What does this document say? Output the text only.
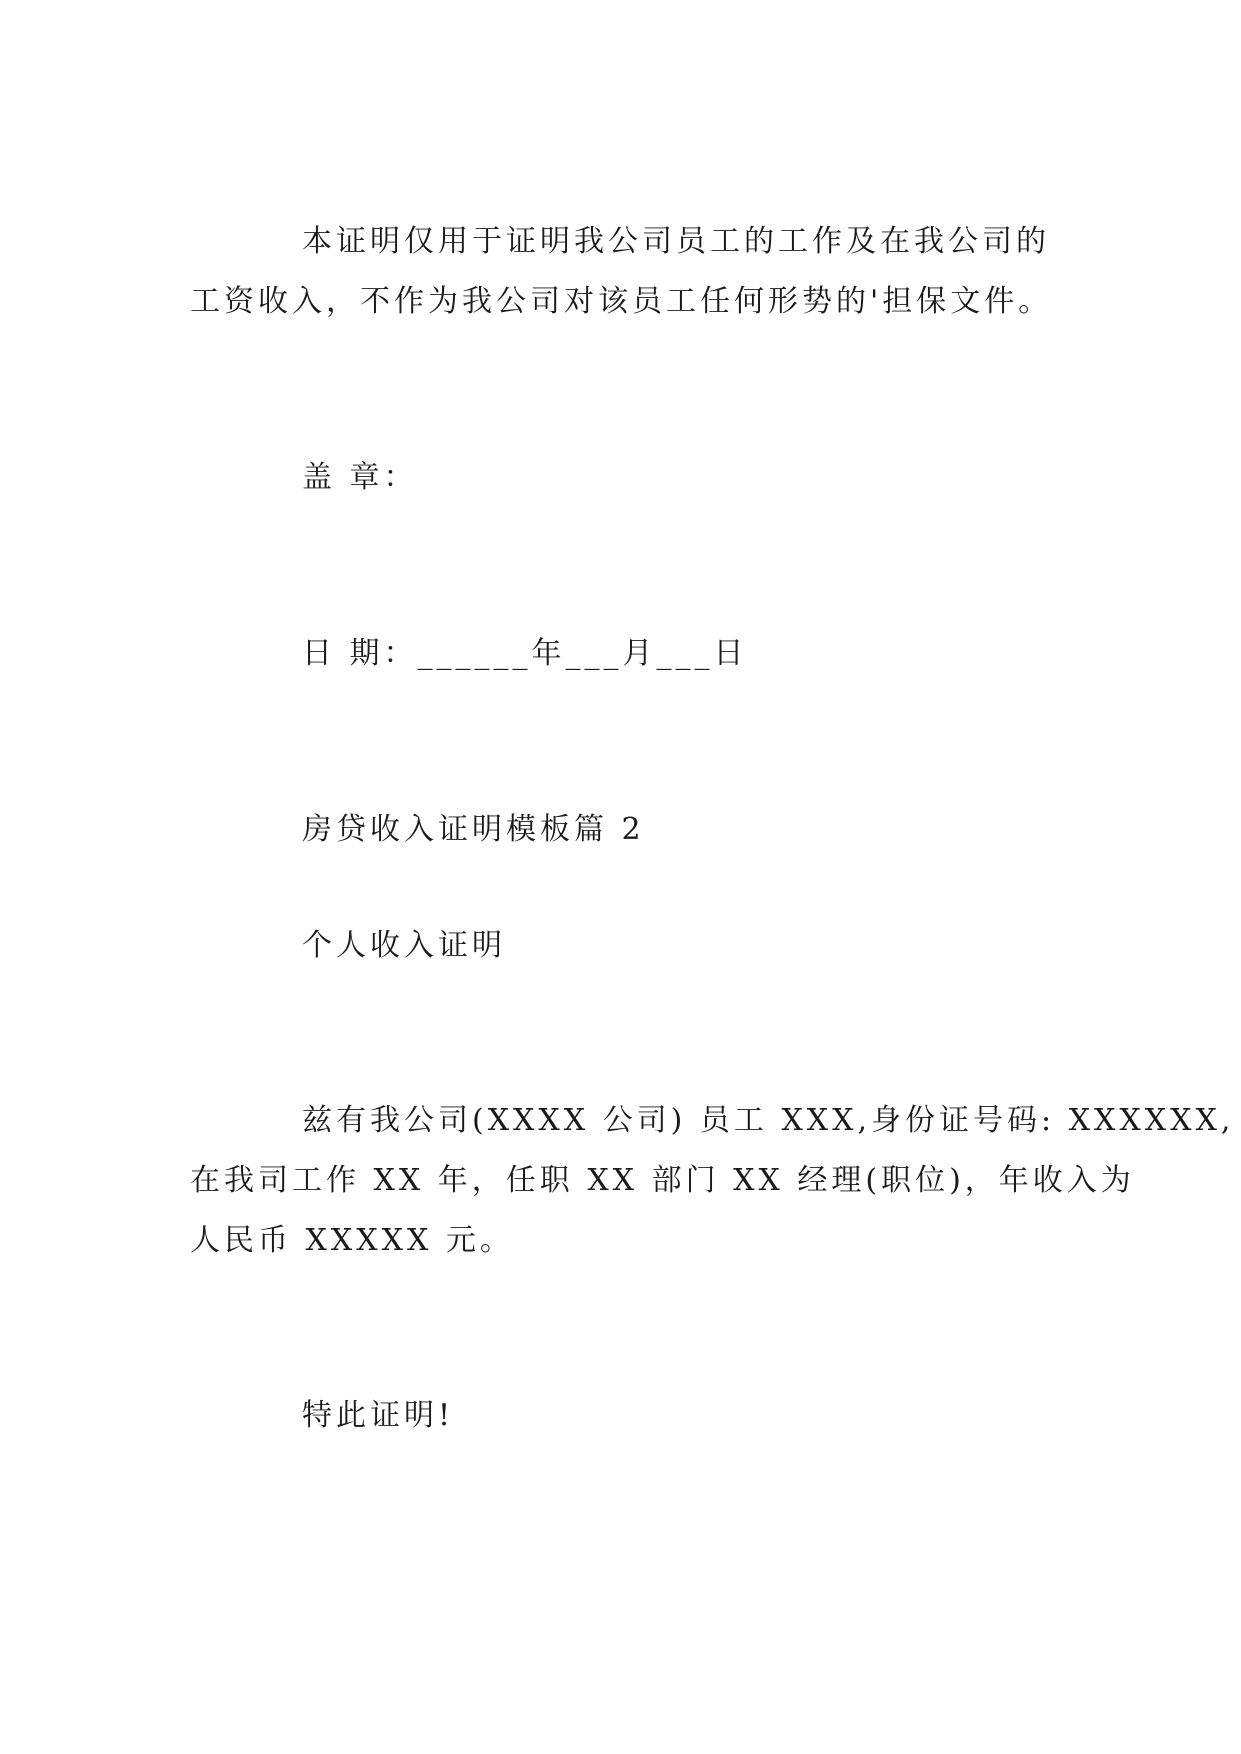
本证明仅用于证明我公司员工的工作及在我公司的
工资收入，不作为我公司对该员工任何形势的'担保文件。
盖 章：
日 期：______年___月___日
房贷收入证明模板篇 2
个人收入证明
兹有我公司(XXXX 公司) 员工 XXX,身份证号码: XXXXXX,
在我司工作 XX 年，任职 XX 部门 XX 经理(职位)，年收入为
人民币 XXXXX 元。
特此证明!
